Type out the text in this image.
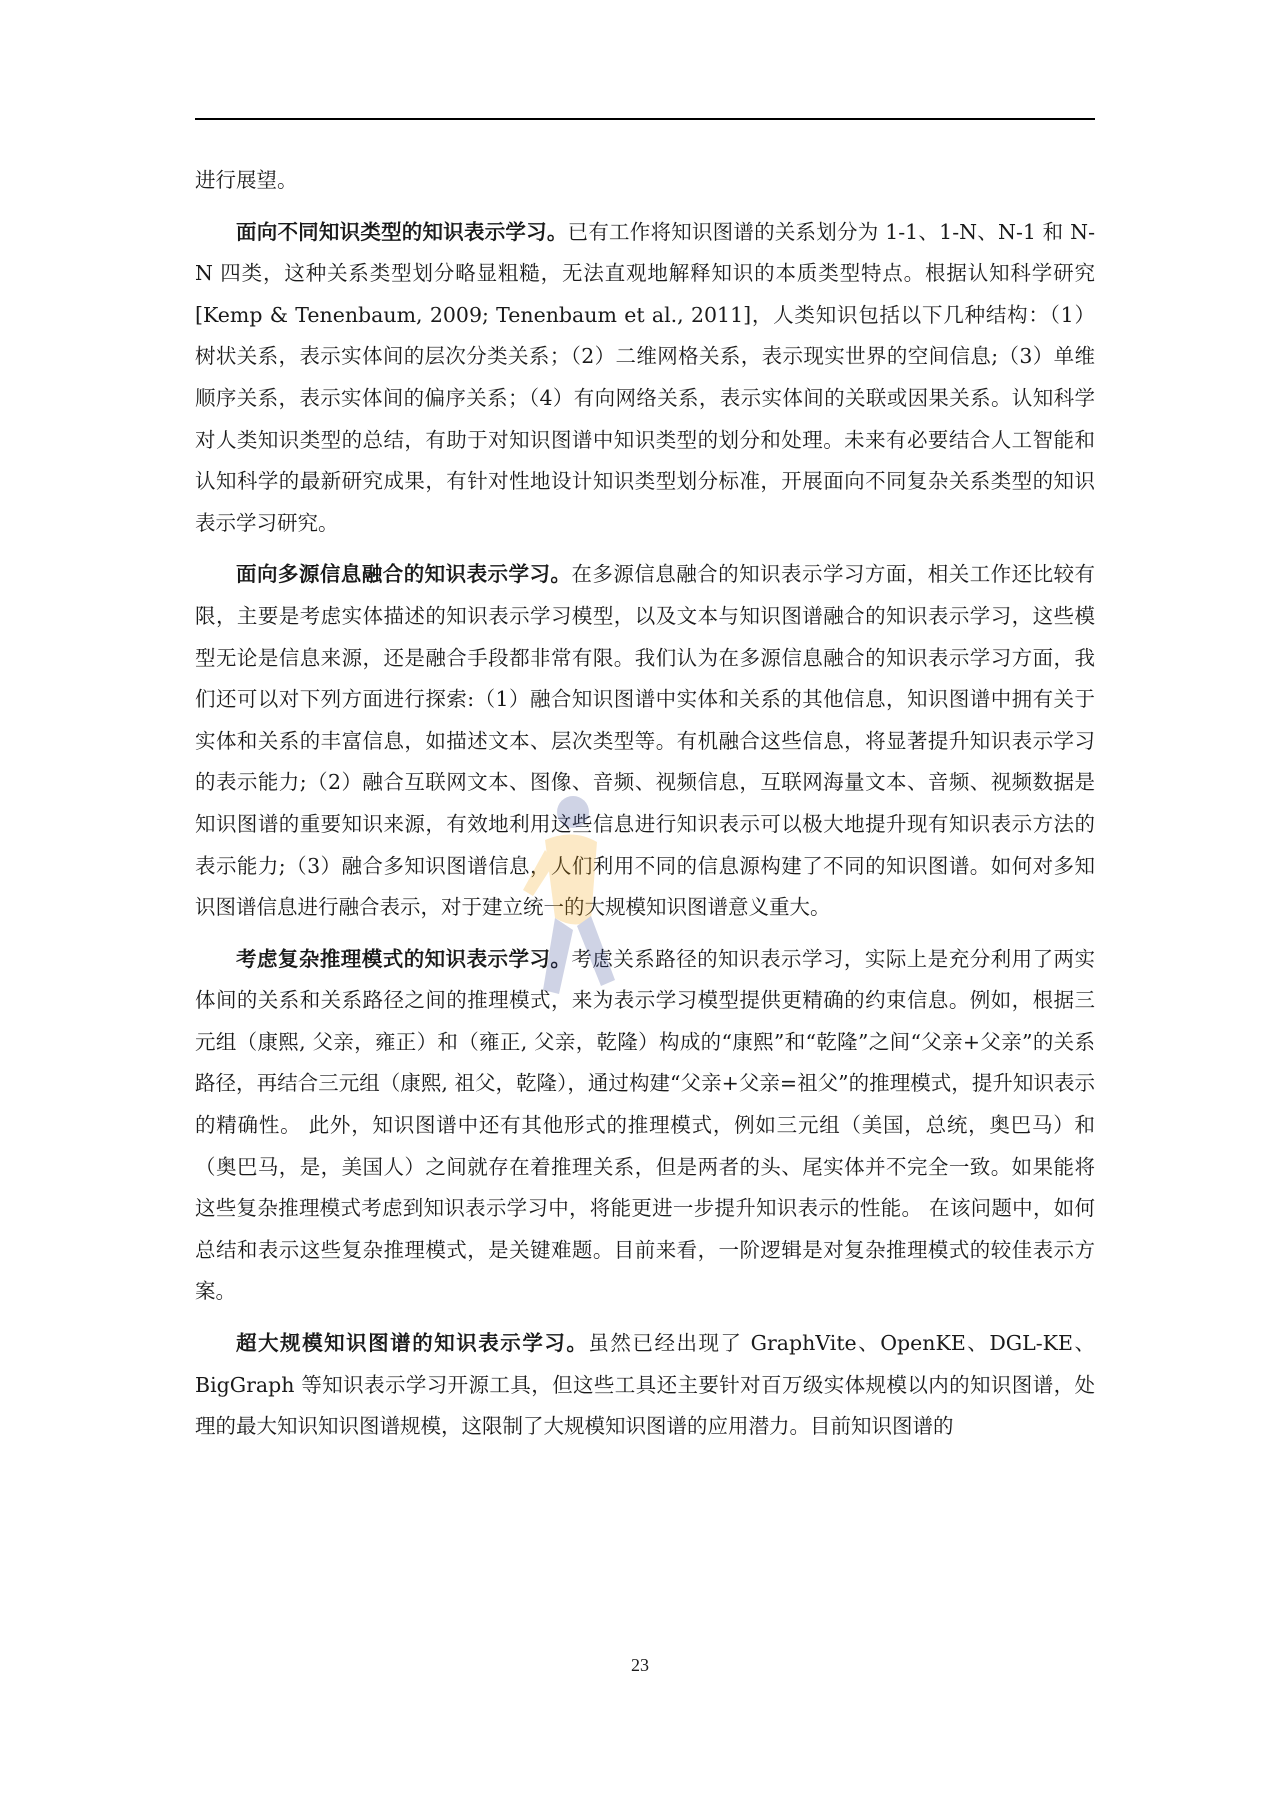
进行展望。

面向不同知识类型的知识表示学习。已有工作将知识图谱的关系划分为 1-1、1-N、N-1 和 N-N 四类，这种关系类型划分略显粗糙，无法直观地解释知识的本质类型特点。根据认知科学研究[Kemp & Tenenbaum, 2009; Tenenbaum et al., 2011]，人类知识包括以下几种结构：（1）树状关系，表示实体间的层次分类关系；（2）二维网格关系，表示现实世界的空间信息;（3）单维顺序关系，表示实体间的偏序关系；（4）有向网络关系，表示实体间的关联或因果关系。认知科学对人类知识类型的总结，有助于对知识图谱中知识类型的划分和处理。未来有必要结合人工智能和认知科学的最新研究成果，有针对性地设计知识类型划分标准，开展面向不同复杂关系类型的知识表示学习研究。

面向多源信息融合的知识表示学习。在多源信息融合的知识表示学习方面，相关工作还比较有限，主要是考虑实体描述的知识表示学习模型，以及文本与知识图谱融合的知识表示学习，这些模型无论是信息来源，还是融合手段都非常有限。我们认为在多源信息融合的知识表示学习方面，我们还可以对下列方面进行探索:（1）融合知识图谱中实体和关系的其他信息，知识图谱中拥有关于实体和关系的丰富信息，如描述文本、层次类型等。有机融合这些信息，将显著提升知识表示学习的表示能力;（2）融合互联网文本、图像、音频、视频信息，互联网海量文本、音频、视频数据是知识图谱的重要知识来源，有效地利用这些信息进行知识表示可以极大地提升现有知识表示方法的表示能力;（3）融合多知识图谱信息，人们利用不同的信息源构建了不同的知识图谱。如何对多知识图谱信息进行融合表示，对于建立统一的大规模知识图谱意义重大。

考虑复杂推理模式的知识表示学习。考虑关系路径的知识表示学习，实际上是充分利用了两实体间的关系和关系路径之间的推理模式，来为表示学习模型提供更精确的约束信息。例如，根据三元组（康熙, 父亲，雍正）和（雍正, 父亲，乾隆）构成的“康熙”和“乾隆”之间“父亲+父亲”的关系路径，再结合三元组（康熙, 祖父，乾隆），通过构建“父亲+父亲=祖父”的推理模式，提升知识表示的精确性。 此外，知识图谱中还有其他形式的推理模式，例如三元组（美国，总统，奥巴马）和（奥巴马，是，美国人）之间就存在着推理关系，但是两者的头、尾实体并不完全一致。如果能将这些复杂推理模式考虑到知识表示学习中，将能更进一步提升知识表示的性能。 在该问题中，如何总结和表示这些复杂推理模式，是关键难题。目前来看，一阶逻辑是对复杂推理模式的较佳表示方案。

超大规模知识图谱的知识表示学习。虽然已经出现了 GraphVite、OpenKE、DGL-KE、BigGraph 等知识表示学习开源工具，但这些工具还主要针对百万级实体规模以内的知识图谱，处理的最大知识知识图谱规模，这限制了大规模知识图谱的应用潜力。目前知识图谱的

23
